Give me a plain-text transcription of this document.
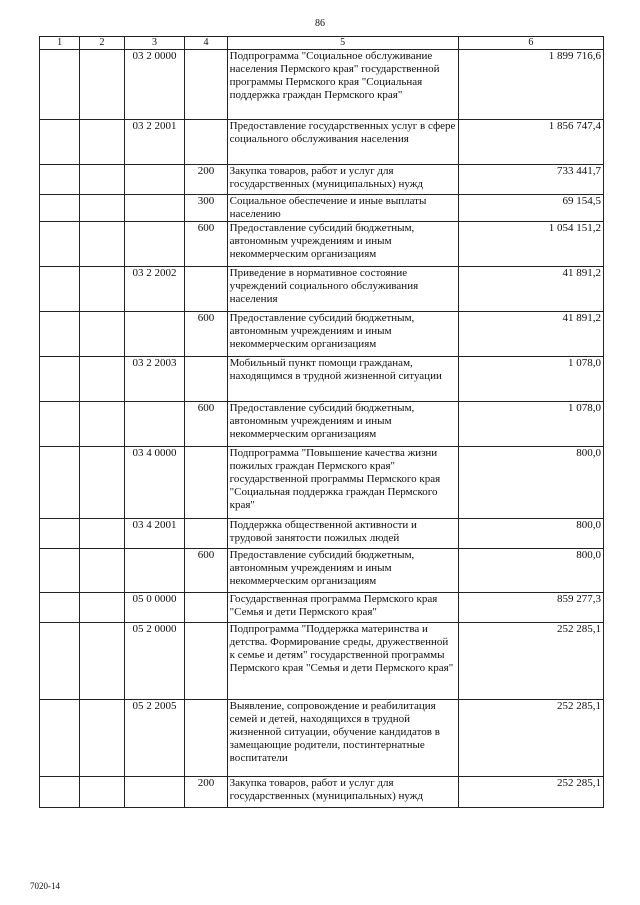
86
1	2	3	4	5	6
		03 2 0000		Подпрограмма "Социальное обслуживание населения Пермского края" государственной программы Пермского края "Социальная поддержка граждан Пермского края"	1 899 716,6
		03 2 2001		Предоставление государственных услуг в сфере социального обслуживания населения	1 856 747,4
			200	Закупка товаров, работ и услуг для государственных (муниципальных) нужд	733 441,7
			300	Социальное обеспечение и иные выплаты населению	69 154,5
			600	Предоставление субсидий бюджетным, автономным учреждениям и иным некоммерческим организациям	1 054 151,2
		03 2 2002		Приведение в нормативное состояние учреждений социального обслуживания населения	41 891,2
			600	Предоставление субсидий бюджетным, автономным учреждениям и иным некоммерческим организациям	41 891,2
		03 2 2003		Мобильный пункт помощи гражданам, находящимся в трудной жизненной ситуации	1 078,0
			600	Предоставление субсидий бюджетным, автономным учреждениям и иным некоммерческим организациям	1 078,0
		03 4 0000		Подпрограмма "Повышение качества жизни пожилых граждан Пермского края" государственной программы Пермского края "Социальная поддержка граждан Пермского края"	800,0
		03 4 2001		Поддержка общественной активности и трудовой занятости пожилых людей	800,0
			600	Предоставление субсидий бюджетным, автономным учреждениям и иным некоммерческим организациям	800,0
		05 0 0000		Государственная программа Пермского края "Семья и дети Пермского края"	859 277,3
		05 2 0000		Подпрограмма "Поддержка материнства и детства. Формирование среды, дружественной к семье и детям" государственной программы Пермского края "Семья и дети Пермского края"	252 285,1
		05 2 2005		Выявление, сопровождение и реабилитация семей и детей, находящихся в трудной жизненной ситуации, обучение кандидатов в замещающие родители, постинтернатные воспитатели	252 285,1
			200	Закупка товаров, работ и услуг для государственных (муниципальных) нужд	252 285,1
7020-14
